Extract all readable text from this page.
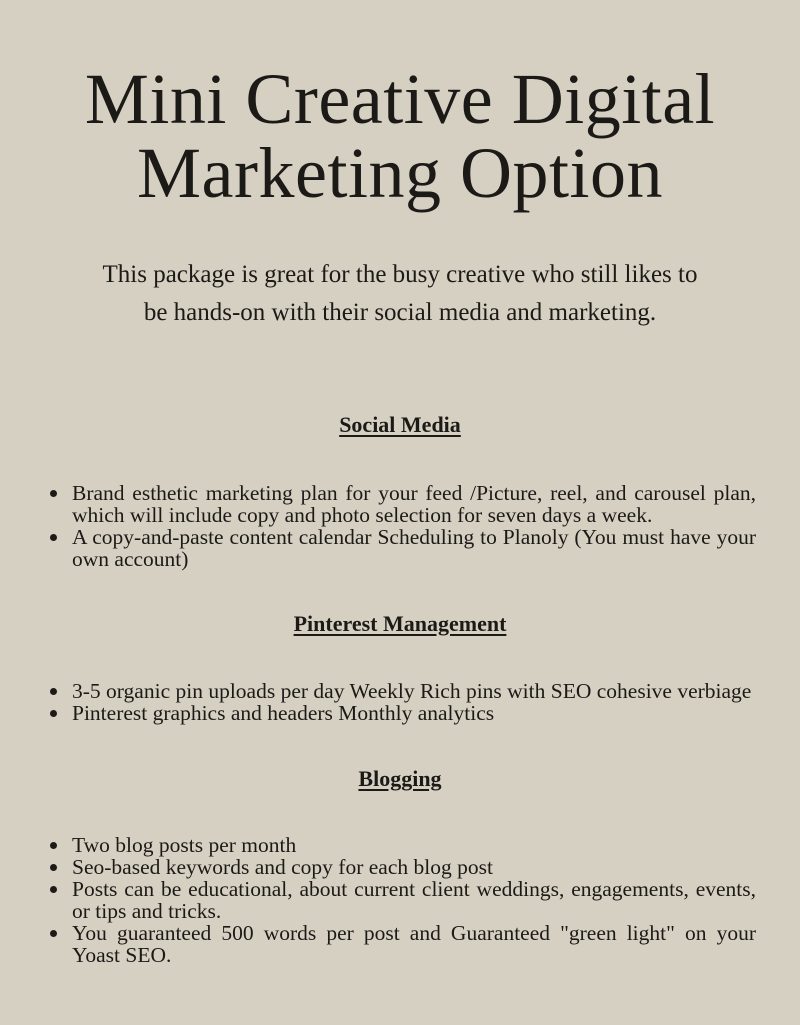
Mini Creative Digital
Marketing Option

This package is great for the busy creative who still likes to be hands-on with their social media and marketing.

Social Media
Brand esthetic marketing plan for your feed /Picture, reel, and carousel plan, which will include copy and photo selection for seven days a week.
A copy-and-paste content calendar Scheduling to Planoly (You must have your own account)
Pinterest Management
3-5 organic pin uploads per day Weekly Rich pins with SEO cohesive verbiage
Pinterest graphics and headers Monthly analytics
Blogging
Two blog posts per month
Seo-based keywords and copy for each blog post
Posts can be educational, about current client weddings, engagements, events, or tips and tricks.
You guaranteed 500 words per post and Guaranteed "green light" on your Yoast SEO.
